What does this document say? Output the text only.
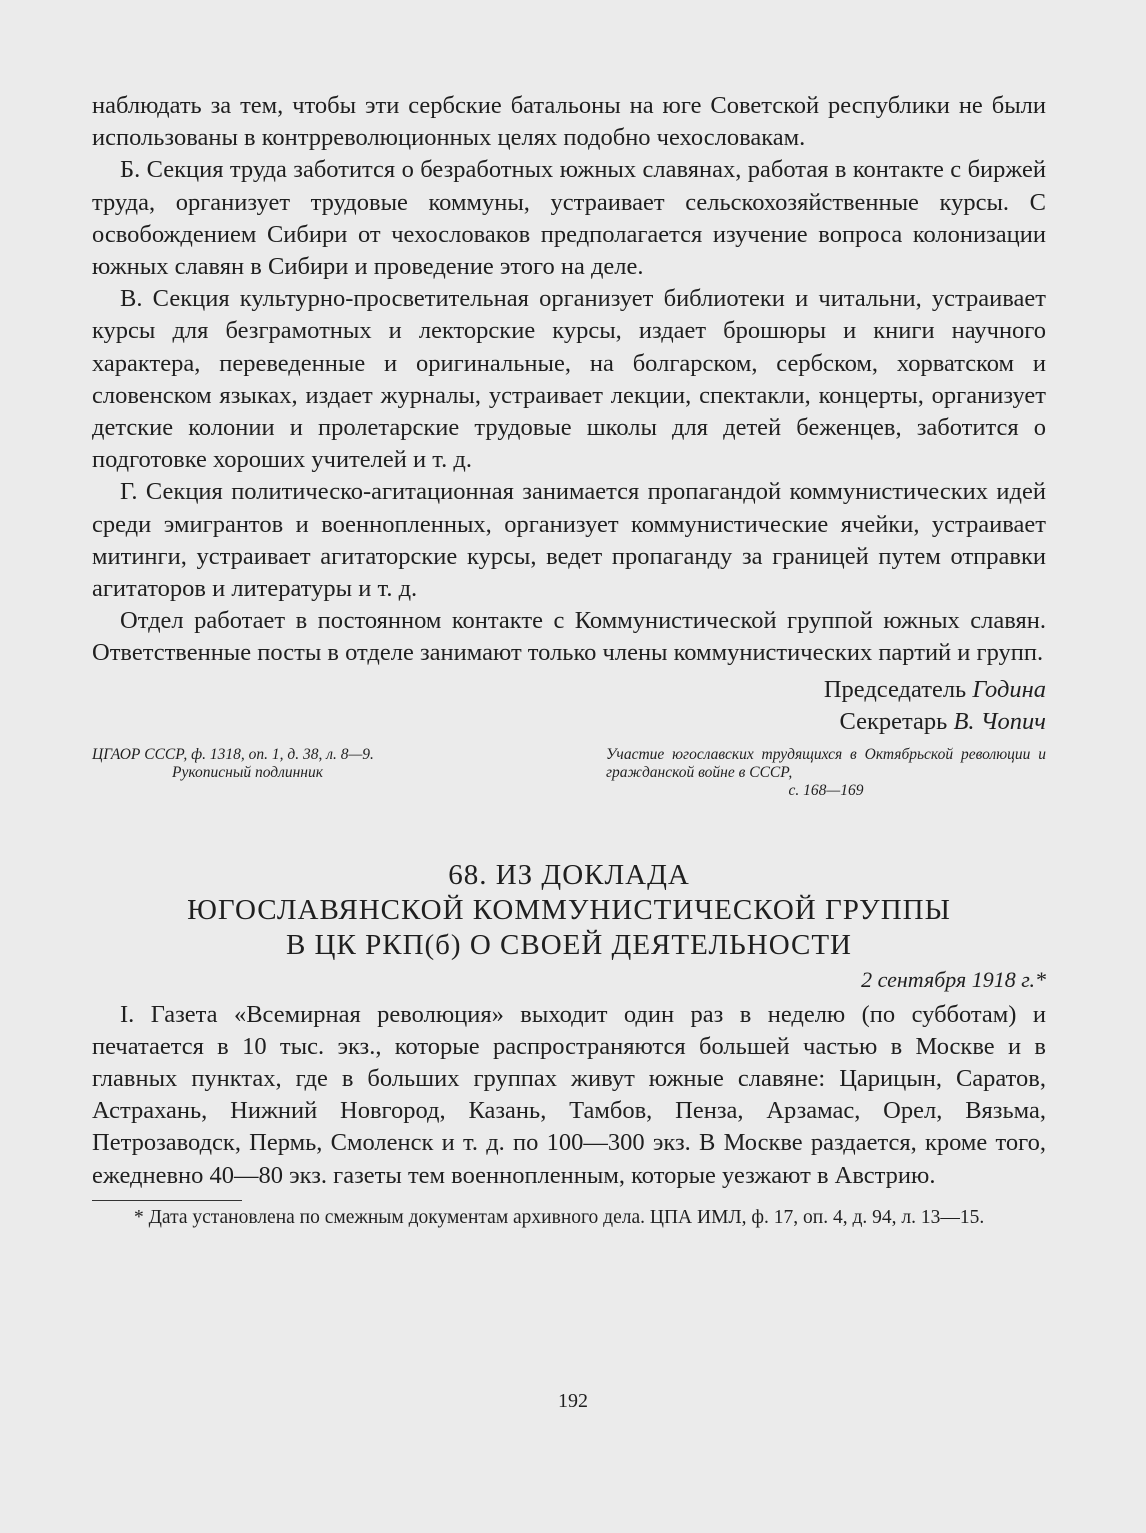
наблюдать за тем, чтобы эти сербские батальоны на юге Советской республики не были использованы в контрреволюционных целях подобно чехословакам.

Б. Секция труда заботится о безработных южных славянах, работая в контакте с биржей труда, организует трудовые коммуны, устраивает сельскохозяйственные курсы. С освобождением Сибири от чехословаков предполагается изучение вопроса колонизации южных славян в Сибири и проведение этого на деле.

В. Секция культурно-просветительная организует библиотеки и читальни, устраивает курсы для безграмотных и лекторские курсы, издает брошюры и книги научного характера, переведенные и оригинальные, на болгарском, сербском, хорватском и словенском языках, издает журналы, устраивает лекции, спектакли, концерты, организует детские колонии и пролетарские трудовые школы для детей беженцев, заботится о подготовке хороших учителей и т. д.

Г. Секция политическо-агитационная занимается пропагандой коммунистических идей среди эмигрантов и военнопленных, организует коммунистические ячейки, устраивает митинги, устраивает агитаторские курсы, ведет пропаганду за границей путем отправки агитаторов и литературы и т. д.

Отдел работает в постоянном контакте с Коммунистической группой южных славян. Ответственные посты в отделе занимают только члены коммунистических партий и групп.

Председатель Година

Секретарь В. Чопич

ЦГАОР СССР, ф. 1318, оп. 1, д. 38, л. 8—9.
Рукописный подлинник
Участие югославских трудящихся в Октябрьской революции и гражданской войне в СССР,
с. 168—169
68. ИЗ ДОКЛАДА
ЮГОСЛАВЯНСКОЙ КОММУНИСТИЧЕСКОЙ ГРУППЫ
В ЦК РКП(б) О СВОЕЙ ДЕЯТЕЛЬНОСТИ
2 сентября 1918 г.*

I. Газета «Всемирная революция» выходит один раз в неделю (по субботам) и печатается в 10 тыс. экз., которые распространяются большей частью в Москве и в главных пунктах, где в больших группах живут южные славяне: Царицын, Саратов, Астрахань, Нижний Новгород, Казань, Тамбов, Пенза, Арзамас, Орел, Вязьма, Петрозаводск, Пермь, Смоленск и т. д. по 100—300 экз. В Москве раздается, кроме того, ежедневно 40—80 экз. газеты тем военнопленным, которые уезжают в Австрию.

* Дата установлена по смежным документам архивного дела. ЦПА ИМЛ, ф. 17, оп. 4, д. 94, л. 13—15.

192
